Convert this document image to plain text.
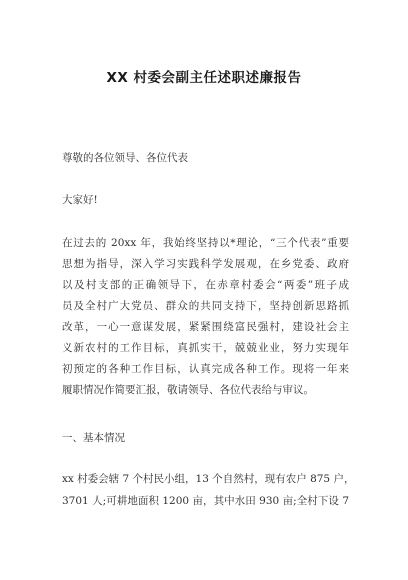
XX 村委会副主任述职述廉报告
尊敬的各位领导、各位代表
大家好!
在过去的 20xx 年，我始终坚持以*理论，“三个代表”重要
思想为指导，深入学习实践科学发展观，在乡党委、政府
以及村支部的正确领导下，在赤章村委会“两委”班子成
员及全村广大党员、群众的共同支持下，坚持创新思路抓
改革，一心一意谋发展，紧紧围绕富民强村，建设社会主
义新农村的工作目标，真抓实干，兢兢业业，努力实现年
初预定的各种工作目标，认真完成各种工作。现将一年来
履职情况作简要汇报，敬请领导、各位代表给与审议。
一、基本情况
xx 村委会辖 7 个村民小组，13 个自然村，现有农户 875 户，
3701 人;可耕地面积 1200 亩，其中水田 930 亩;全村下设 7
